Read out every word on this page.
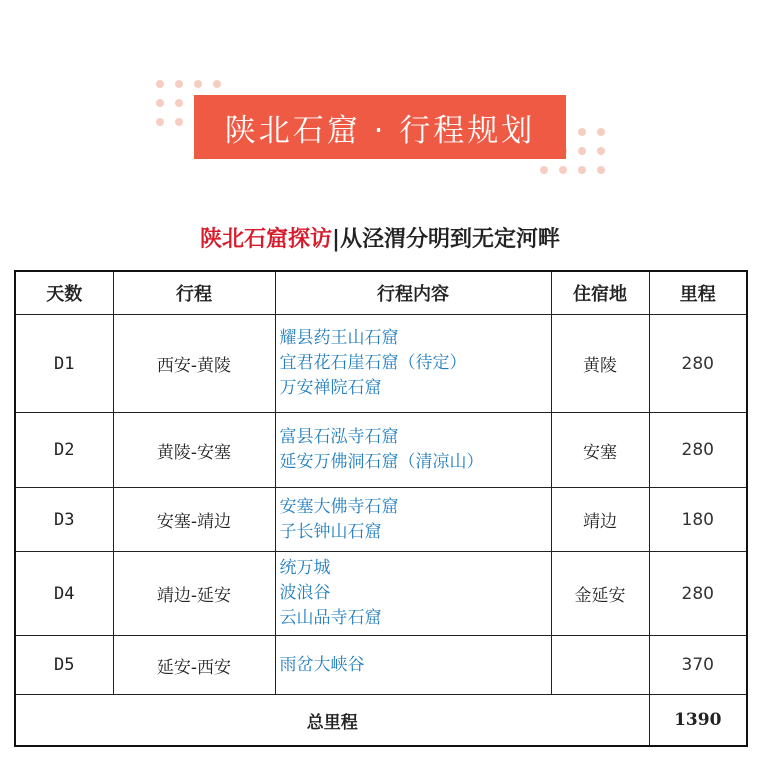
陕北石窟 · 行程规划
陕北石窟探访|从泾渭分明到无定河畔
天数	行程	行程内容	住宿地	里程
D1	西安-黄陵	耀县药王山石窟
宜君花石崖石窟（待定）
万安禅院石窟	黄陵	280
D2	黄陵-安塞	富县石泓寺石窟
延安万佛洞石窟（清凉山）	安塞	280
D3	安塞-靖边	安塞大佛寺石窟
子长钟山石窟	靖边	180
D4	靖边-延安	统万城
波浪谷
云山品寺石窟	金延安	280
D5	延安-西安	雨岔大峡谷		370
总里程				1390
